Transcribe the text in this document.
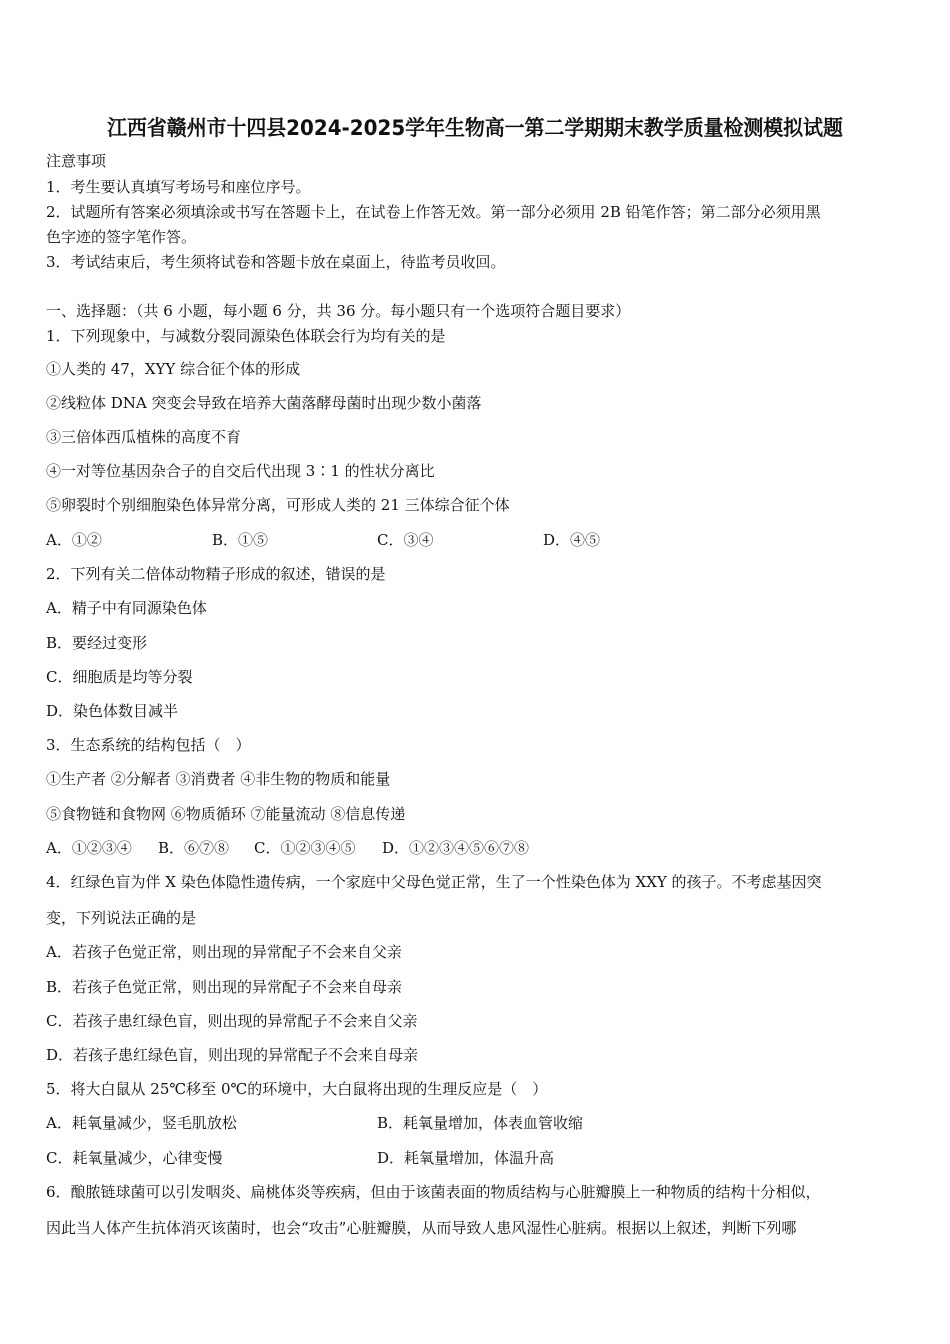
江西省赣州市十四县2024-2025学年生物高一第二学期期末教学质量检测模拟试题
注意事项
1．考生要认真填写考场号和座位序号。
2．试题所有答案必须填涂或书写在答题卡上，在试卷上作答无效。第一部分必须用 2B 铅笔作答；第二部分必须用黑
色字迹的签字笔作答。
3．考试结束后，考生须将试卷和答题卡放在桌面上，待监考员收回。
一、选择题：（共 6 小题，每小题 6 分，共 36 分。每小题只有一个选项符合题目要求）
1．下列现象中，与减数分裂同源染色体联会行为均有关的是
①人类的 47，XYY 综合征个体的形成
②线粒体 DNA 突变会导致在培养大菌落酵母菌时出现少数小菌落
③三倍体西瓜植株的高度不育
④一对等位基因杂合子的自交后代出现 3∶1 的性状分离比
⑤卵裂时个别细胞染色体异常分离，可形成人类的 21 三体综合征个体
A．①②	B．①⑤	C．③④	D．④⑤
2．下列有关二倍体动物精子形成的叙述，错误的是
A．精子中有同源染色体
B．要经过变形
C．细胞质是均等分裂
D．染色体数目减半
3．生态系统的结构包括（　）
①生产者 ②分解者 ③消费者 ④非生物的物质和能量
⑤食物链和食物网 ⑥物质循环 ⑦能量流动 ⑧信息传递
A．①②③④ B．⑥⑦⑧ C．①②③④⑤ D．①②③④⑤⑥⑦⑧
4．红绿色盲为伴 X 染色体隐性遗传病，一个家庭中父母色觉正常，生了一个性染色体为 XXY 的孩子。不考虑基因突
变，下列说法正确的是
A．若孩子色觉正常，则出现的异常配子不会来自父亲
B．若孩子色觉正常，则出现的异常配子不会来自母亲
C．若孩子患红绿色盲，则出现的异常配子不会来自父亲
D．若孩子患红绿色盲，则出现的异常配子不会来自母亲
5．将大白鼠从 25℃移至 0℃的环境中，大白鼠将出现的生理反应是（　）
A．耗氧量减少，竖毛肌放松	B．耗氧量增加，体表血管收缩
C．耗氧量减少，心律变慢	D．耗氧量增加，体温升高
6．酿脓链球菌可以引发咽炎、扁桃体炎等疾病，但由于该菌表面的物质结构与心脏瓣膜上一种物质的结构十分相似，
因此当人体产生抗体消灭该菌时，也会“攻击”心脏瓣膜，从而导致人患风湿性心脏病。根据以上叙述，判断下列哪
